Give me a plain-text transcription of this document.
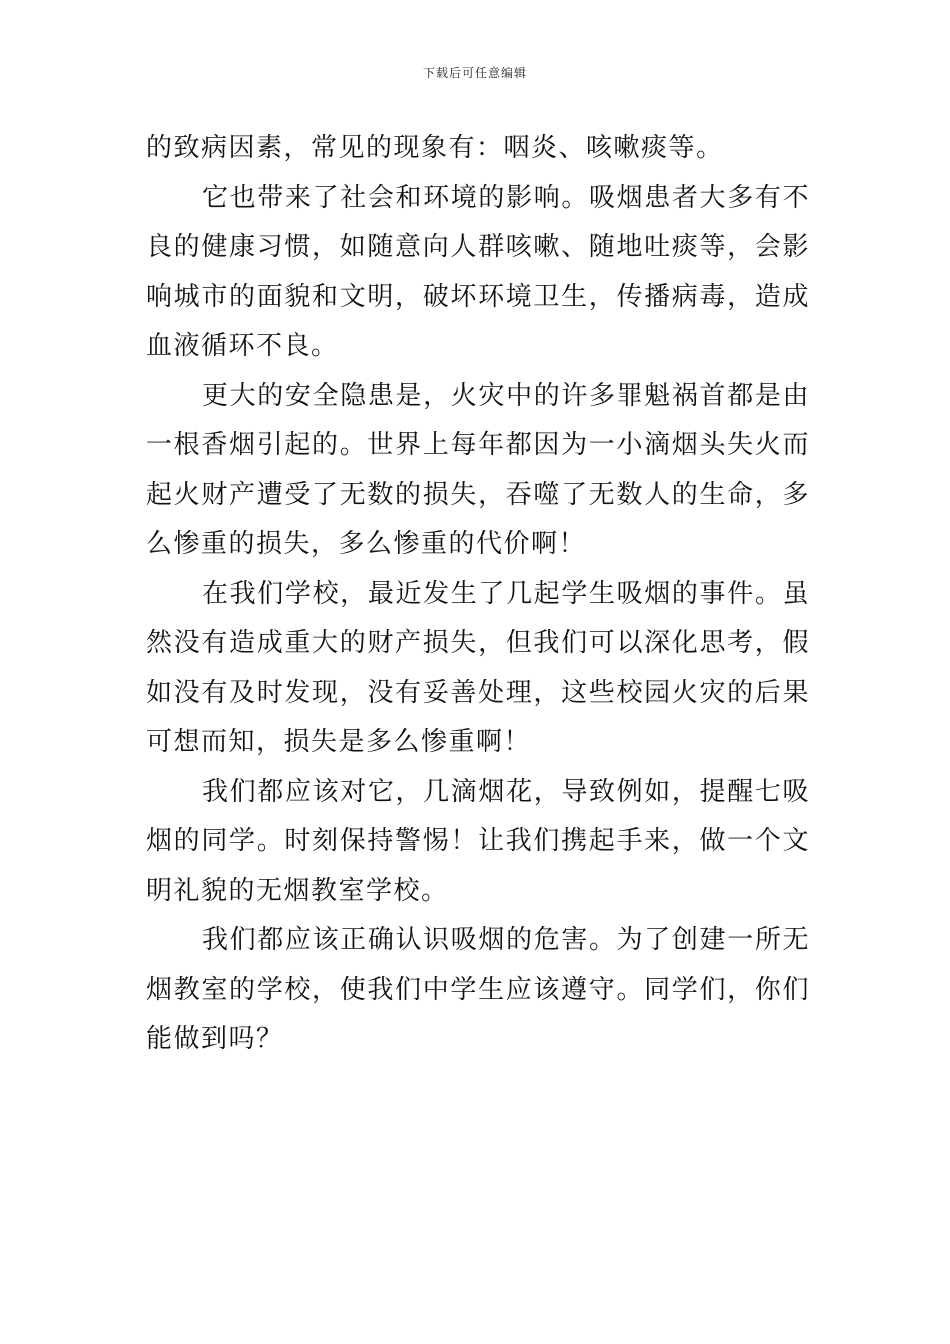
下载后可任意编辑

的致病因素，常见的现象有：咽炎、咳嗽痰等。

它也带来了社会和环境的影响。吸烟患者大多有不良的健康习惯，如随意向人群咳嗽、随地吐痰等，会影响城市的面貌和文明，破坏环境卫生，传播病毒，造成血液循环不良。

更大的安全隐患是，火灾中的许多罪魁祸首都是由一根香烟引起的。世界上每年都因为一小滴烟头失火而起火财产遭受了无数的损失，吞噬了无数人的生命，多么惨重的损失，多么惨重的代价啊！

在我们学校，最近发生了几起学生吸烟的事件。虽然没有造成重大的财产损失，但我们可以深化思考，假如没有及时发现，没有妥善处理，这些校园火灾的后果可想而知，损失是多么惨重啊！

我们都应该对它，几滴烟花，导致例如，提醒七吸烟的同学。时刻保持警惕！让我们携起手来，做一个文明礼貌的无烟教室学校。

我们都应该正确认识吸烟的危害。为了创建一所无烟教室的学校，使我们中学生应该遵守。同学们，你们能做到吗？
